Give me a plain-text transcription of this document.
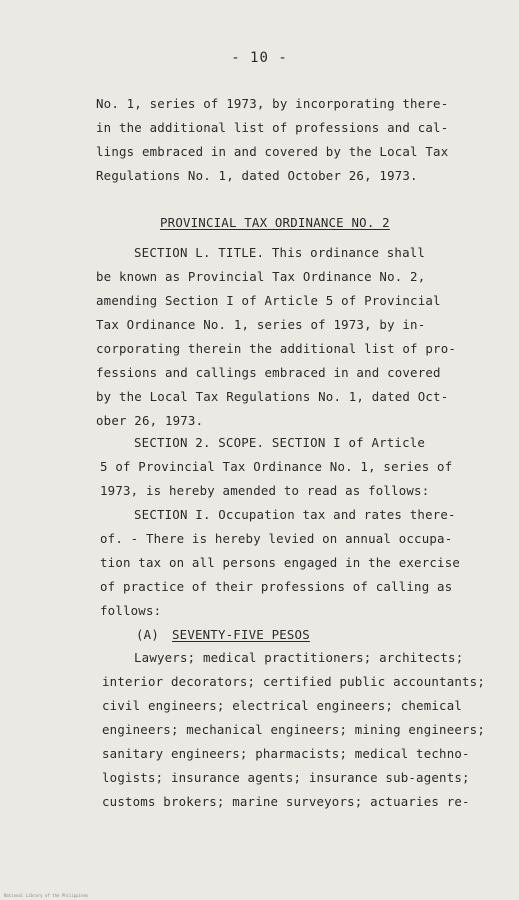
- 10 -
No. 1, series of 1973, by incorporating there-
in the additional list of professions and cal-
lings embraced in and covered by the Local Tax
Regulations No. 1, dated October 26, 1973.
PROVINCIAL TAX ORDINANCE NO. 2
SECTION L. TITLE. This ordinance shall
be known as Provincial Tax Ordinance No. 2,
amending Section I of Article 5 of Provincial
Tax Ordinance No. 1, series of 1973, by in-
corporating therein the additional list of pro-
fessions and callings embraced in and covered
by the Local Tax Regulations No. 1, dated Oct-
ober 26, 1973.
SECTION 2. SCOPE. SECTION I of Article
5 of Provincial Tax Ordinance No. 1, series of
1973, is hereby amended to read as follows:
SECTION I. Occupation tax and rates there-
of. - There is hereby levied on annual occupa-
tion tax on all persons engaged in the exercise
of practice of their professions of calling as
follows:
(A) SEVENTY-FIVE PESOS
Lawyers; medical practitioners; architects;
interior decorators; certified public accountants;
civil engineers; electrical engineers; chemical
engineers; mechanical engineers; mining engineers;
sanitary engineers; pharmacists; medical techno-
logists; insurance agents; insurance sub-agents;
customs brokers; marine surveyors; actuaries re-
National Library of the Philippines
